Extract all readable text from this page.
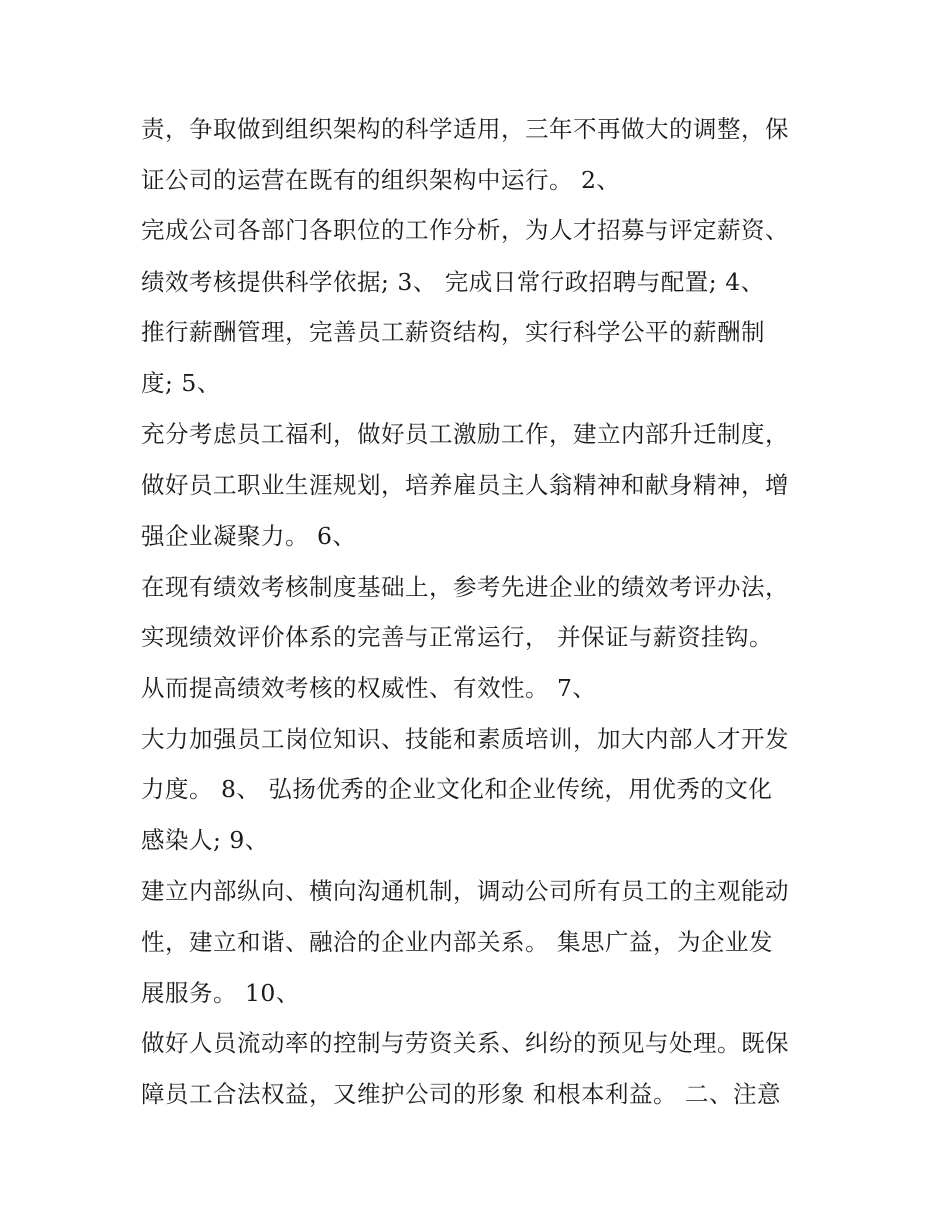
责，争取做到组织架构的科学适用，三年不再做大的调整，保
证公司的运营在既有的组织架构中运行。 2、
完成公司各部门各职位的工作分析，为人才招募与评定薪资、
绩效考核提供科学依据; 3、 完成日常行政招聘与配置; 4、
推行薪酬管理，完善员工薪资结构，实行科学公平的薪酬制
度; 5、
充分考虑员工福利，做好员工激励工作，建立内部升迁制度，
做好员工职业生涯规划，培养雇员主人翁精神和献身精神，增
强企业凝聚力。 6、
在现有绩效考核制度基础上，参考先进企业的绩效考评办法，
实现绩效评价体系的完善与正常运行， 并保证与薪资挂钩。
从而提高绩效考核的权威性、有效性。 7、
大力加强员工岗位知识、技能和素质培训，加大内部人才开发
力度。 8、 弘扬优秀的企业文化和企业传统，用优秀的文化
感染人; 9、
建立内部纵向、横向沟通机制，调动公司所有员工的主观能动
性，建立和谐、融洽的企业内部关系。 集思广益，为企业发
展服务。 10、
做好人员流动率的控制与劳资关系、纠纷的预见与处理。既保
障员工合法权益，又维护公司的形象 和根本利益。 二、注意
